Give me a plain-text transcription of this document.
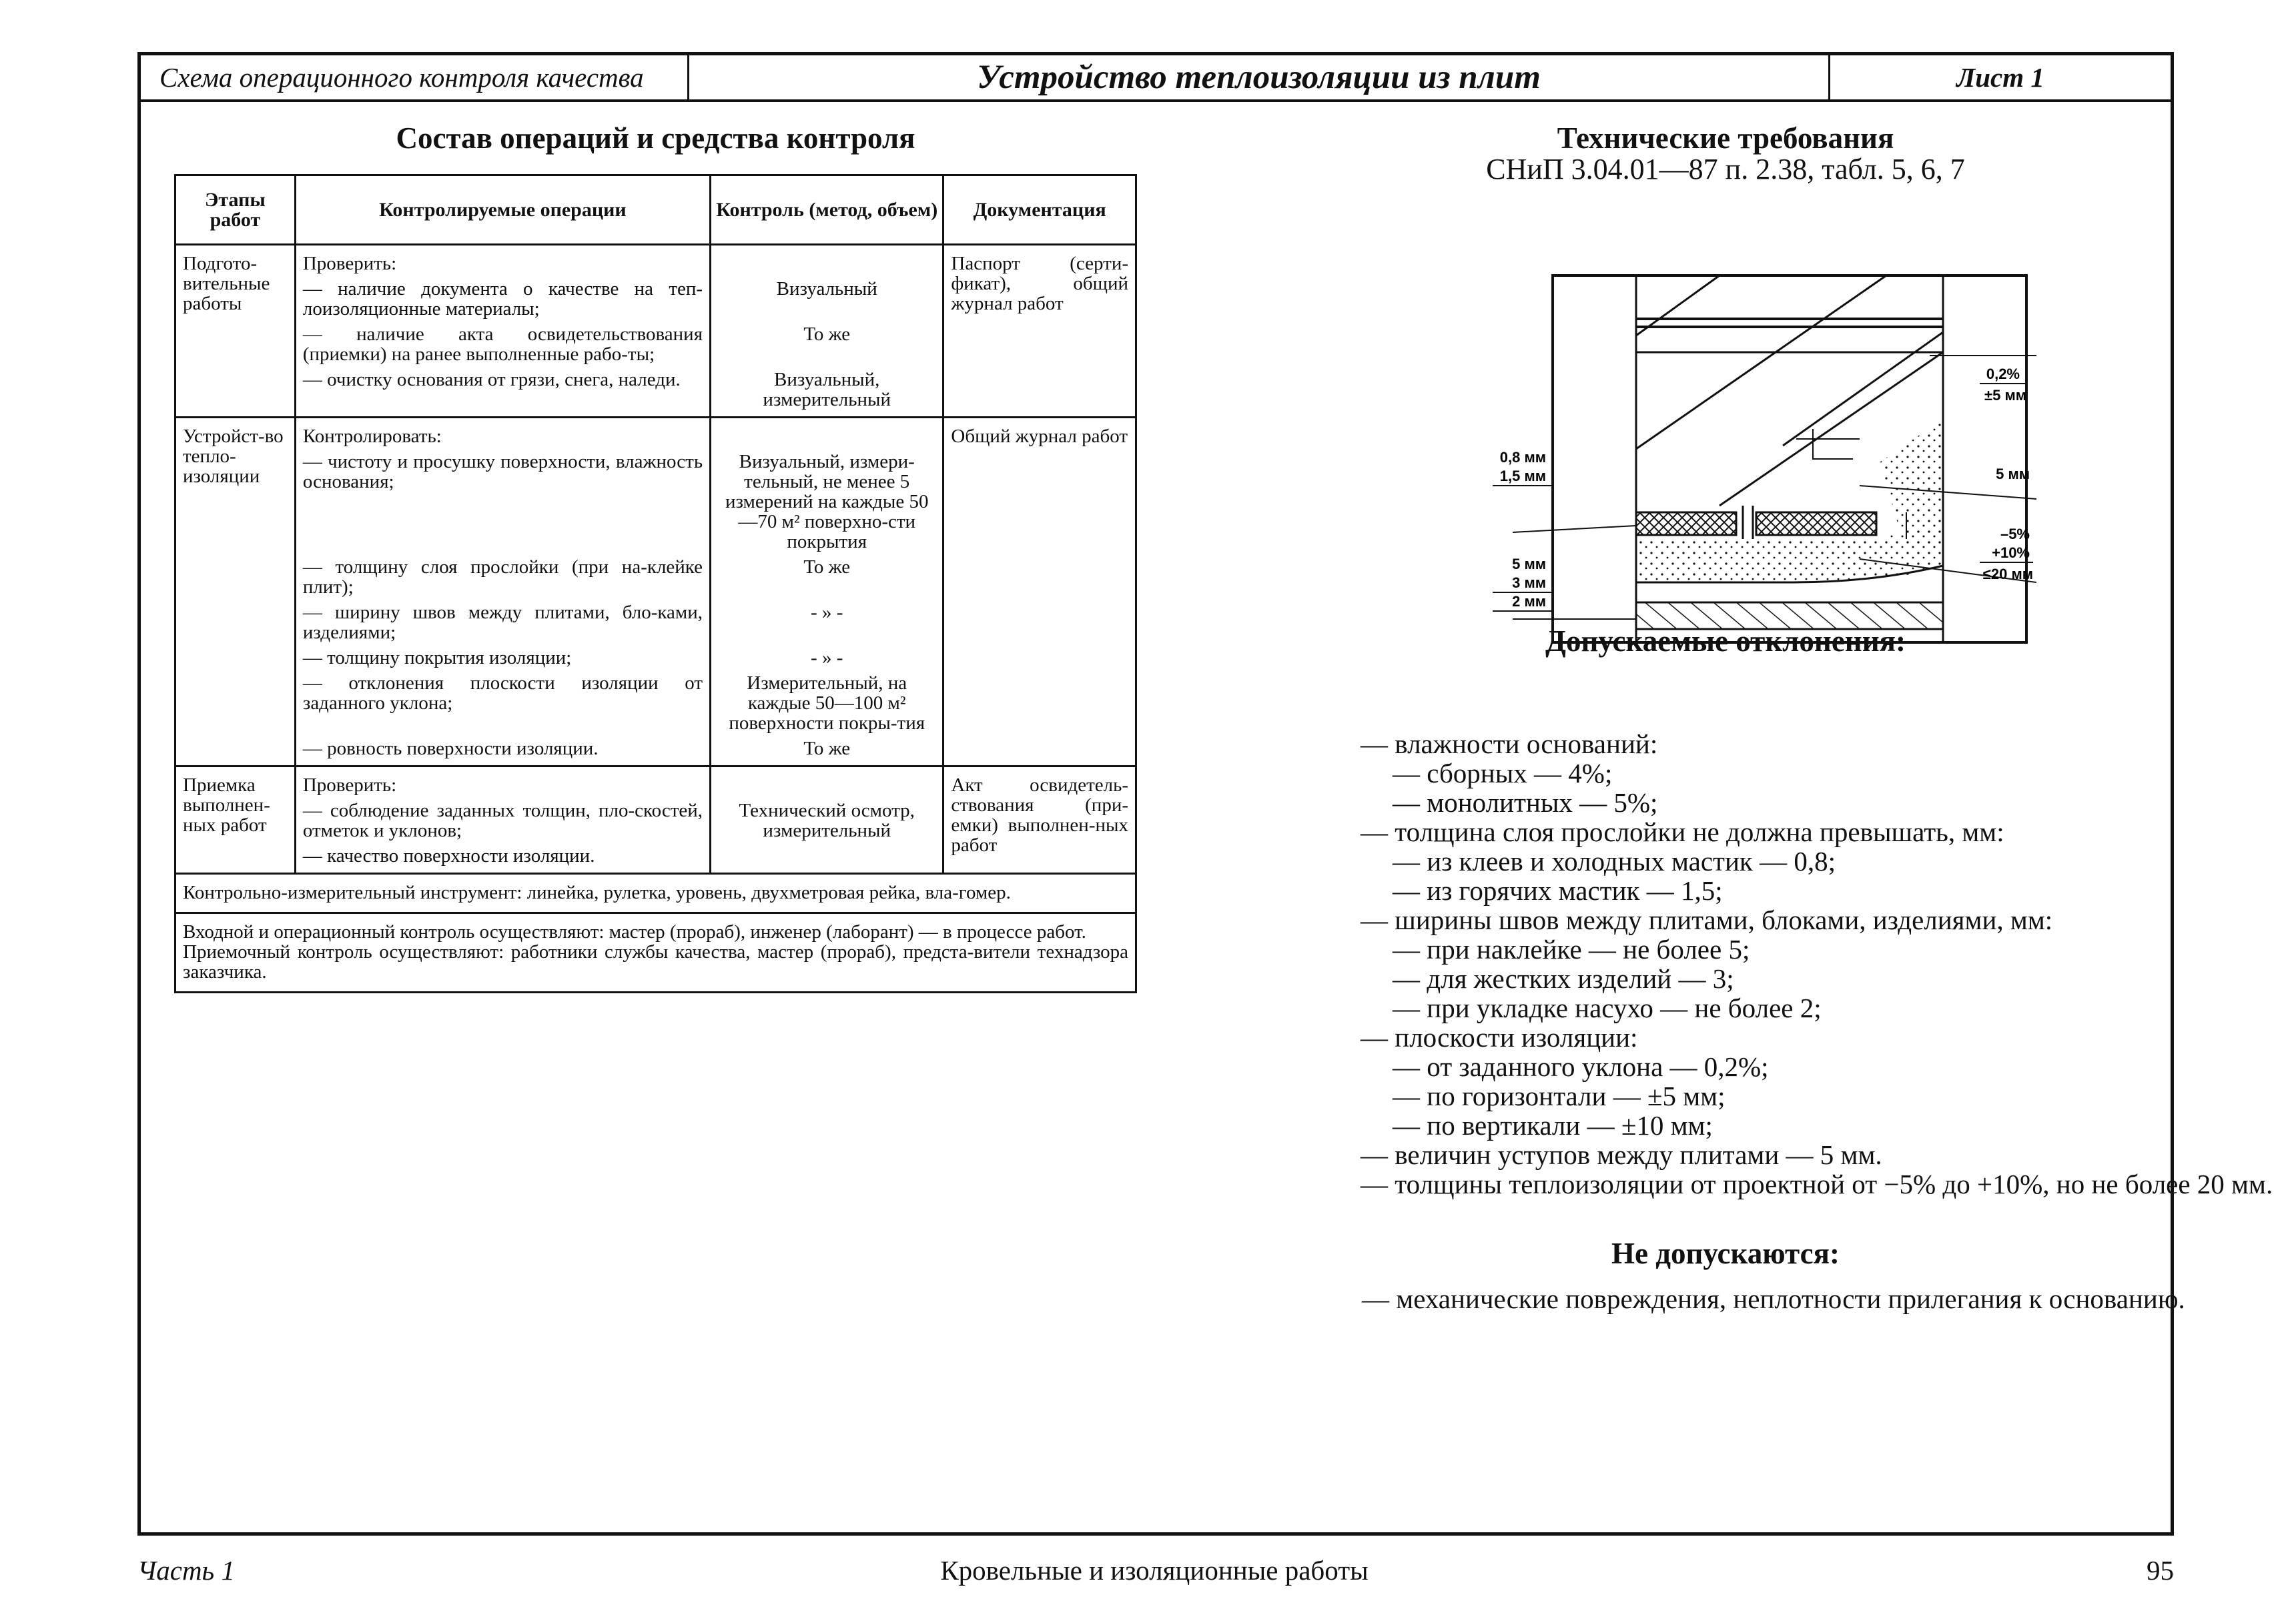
Схема операционного контроля качества	Устройство теплоизоляции из плит	Лист 1
Состав операций и средства контроля
Этапы работ	Контролируемые операции	Контроль (метод, объем)	Документация
Подгото-вительные работы	Проверить:		Паспорт (серти-фикат), общий журнал работ
	— наличие документа о качестве на теп-лоизоляционные материалы;	Визуальный	
	— наличие акта освидетельствования (приемки) на ранее выполненные рабо-ты;	То же	
	— очистку основания от грязи, снега, наледи.	Визуальный, измерительный	
Устройст-во тепло-изоляции	Контролировать:		Общий журнал работ
	— чистоту и просушку поверхности, влажность основания;	Визуальный, измери-тельный, не менее 5 измерений на каждые 50—70 м² поверхно-сти покрытия	
	— толщину слоя прослойки (при на-клейке плит);	То же	
	— ширину швов между плитами, бло-ками, изделиями;	- » -	
	— толщину покрытия изоляции;	- » -	
	— отклонения плоскости изоляции от заданного уклона;	Измерительный, на каждые 50—100 м² поверхности покры-тия	
	— ровность поверхности изоляции.	То же	
Приемка выполнен-ных работ	Проверить:		Акт освидетель-ствования (при-емки) выполнен-ных работ
	— соблюдение заданных толщин, пло-скостей, отметок и уклонов;	Технический осмотр, измерительный	
	— качество поверхности изоляции.		
Контрольно-измерительный инструмент: линейка, рулетка, уровень, двухметровая рейка, вла-гомер.			

Входной и операционный контроль осуществляют: мастер (прораб), инженер (лаборант) — в процессе работ.
Приемочный контроль осуществляют: работники службы качества, мастер (прораб), предста-вители технадзора заказчика.			
Технические требования
СНиП 3.04.01—87 п. 2.38, табл. 5, 6, 7
0,2%
±5 мм
5 мм
–5%
+10%
≤20 мм
0,8 мм
1,5 мм
5 мм
3 мм
2 мм
Допускаемые отклонения:

— влажности оснований:

— сборных — 4%;

— монолитных — 5%;

— толщина слоя прослойки не должна превышать, мм:

— из клеев и холодных мастик — 0,8;

— из горячих мастик — 1,5;

— ширины швов между плитами, блоками, изделиями, мм:

— при наклейке — не более 5;

— для жестких изделий — 3;

— при укладке насухо — не более 2;

— плоскости изоляции:

— от заданного уклона — 0,2%;

— по горизонтали — ±5 мм;

— по вертикали — ±10 мм;

— величин уступов между плитами — 5 мм.

— толщины теплоизоляции от проектной от −5% до +10%, но не более 20 мм.

Не допускаются:
— механические повреждения, неплотности прилегания к основанию.
Часть 1	Кровельные и изоляционные работы	95
